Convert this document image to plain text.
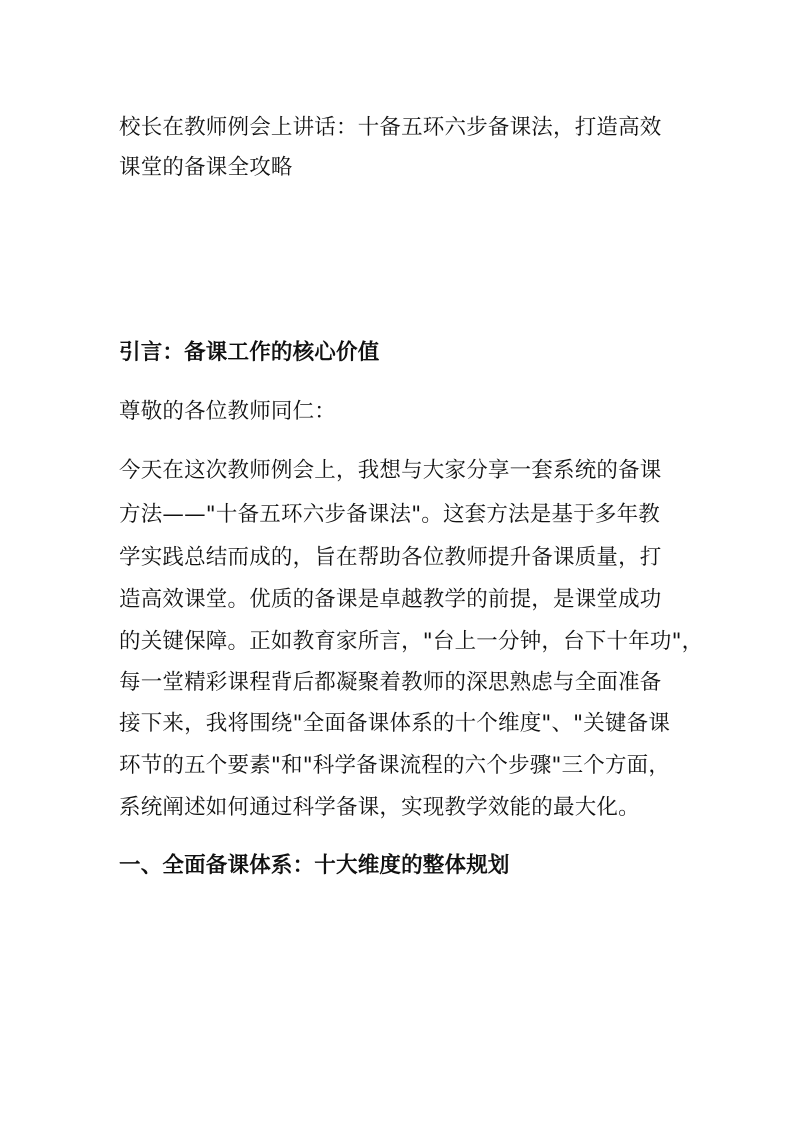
校长在教师例会上讲话：十备五环六步备课法，打造高效
课堂的备课全攻略
引言：备课工作的核心价值
尊敬的各位教师同仁：
今天在这次教师例会上，我想与大家分享一套系统的备课
方法——"十备五环六步备课法"。这套方法是基于多年教
学实践总结而成的，旨在帮助各位教师提升备课质量，打
造高效课堂。优质的备课是卓越教学的前提，是课堂成功
的关键保障。正如教育家所言，"台上一分钟，台下十年功"，
每一堂精彩课程背后都凝聚着教师的深思熟虑与全面准备
接下来，我将围绕"全面备课体系的十个维度"、"关键备课
环节的五个要素"和"科学备课流程的六个步骤"三个方面，
系统阐述如何通过科学备课，实现教学效能的最大化。
一、全面备课体系：十大维度的整体规划
